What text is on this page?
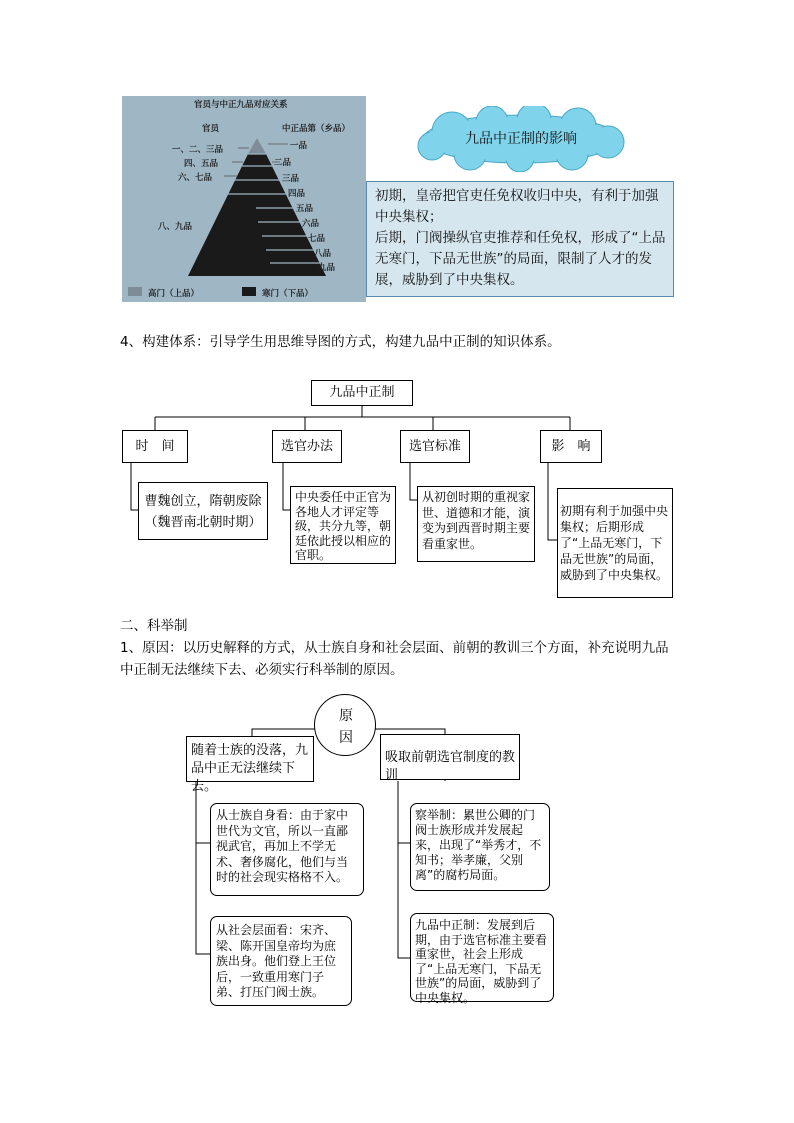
官员与中正九品对应关系
官员	中正品第（乡品）
一、二、三品
四、五品
六、七品
八、九品
一品
二品
三品
四品
五品
六品
七品
八品
九品
高门（上品）	寒门（下品）
九品中正制的影响
初期，皇帝把官吏任免权收归中央，有利于加强中央集权；
后期，门阀操纵官吏推荐和任免权，形成了“上品无寒门，下品无世族”的局面，限制了人才的发展，威胁到了中央集权。
4、构建体系：引导学生用思维导图的方式，构建九品中正制的知识体系。
九品中正制
时　间	选官办法	选官标准	影　响
曹魏创立，隋朝废除
（魏晋南北朝时期）
中央委任中正官为各地人才评定等级，共分九等，朝廷依此授以相应的官职。
从初创时期的重视家世、道德和才能，演变为到西晋时期主要看重家世。
初期有利于加强中央集权；后期形成了“上品无寒门，下品无世族”的局面，威胁到了中央集权。
二、科举制
1、原因：以历史解释的方式，从士族自身和社会层面、前朝的教训三个方面，补充说明九品中正制无法继续下去、必须实行科举制的原因。
原因
随着士族的没落，九品中正无法继续下去。
吸取前朝选官制度的教训
从士族自身看：由于家中世代为文官，所以一直鄙视武官，再加上不学无术、奢侈腐化，他们与当时的社会现实格格不入。
从社会层面看：宋齐、梁、陈开国皇帝均为庶族出身。他们登上王位后，一致重用寒门子弟、打压门阀士族。
察举制：累世公卿的门阀士族形成并发展起来，出现了“举秀才，不知书；举孝廉，父别离”的腐朽局面。
九品中正制：发展到后期，由于选官标准主要看重家世，社会上形成了“上品无寒门，下品无世族”的局面，威胁到了中央集权。
